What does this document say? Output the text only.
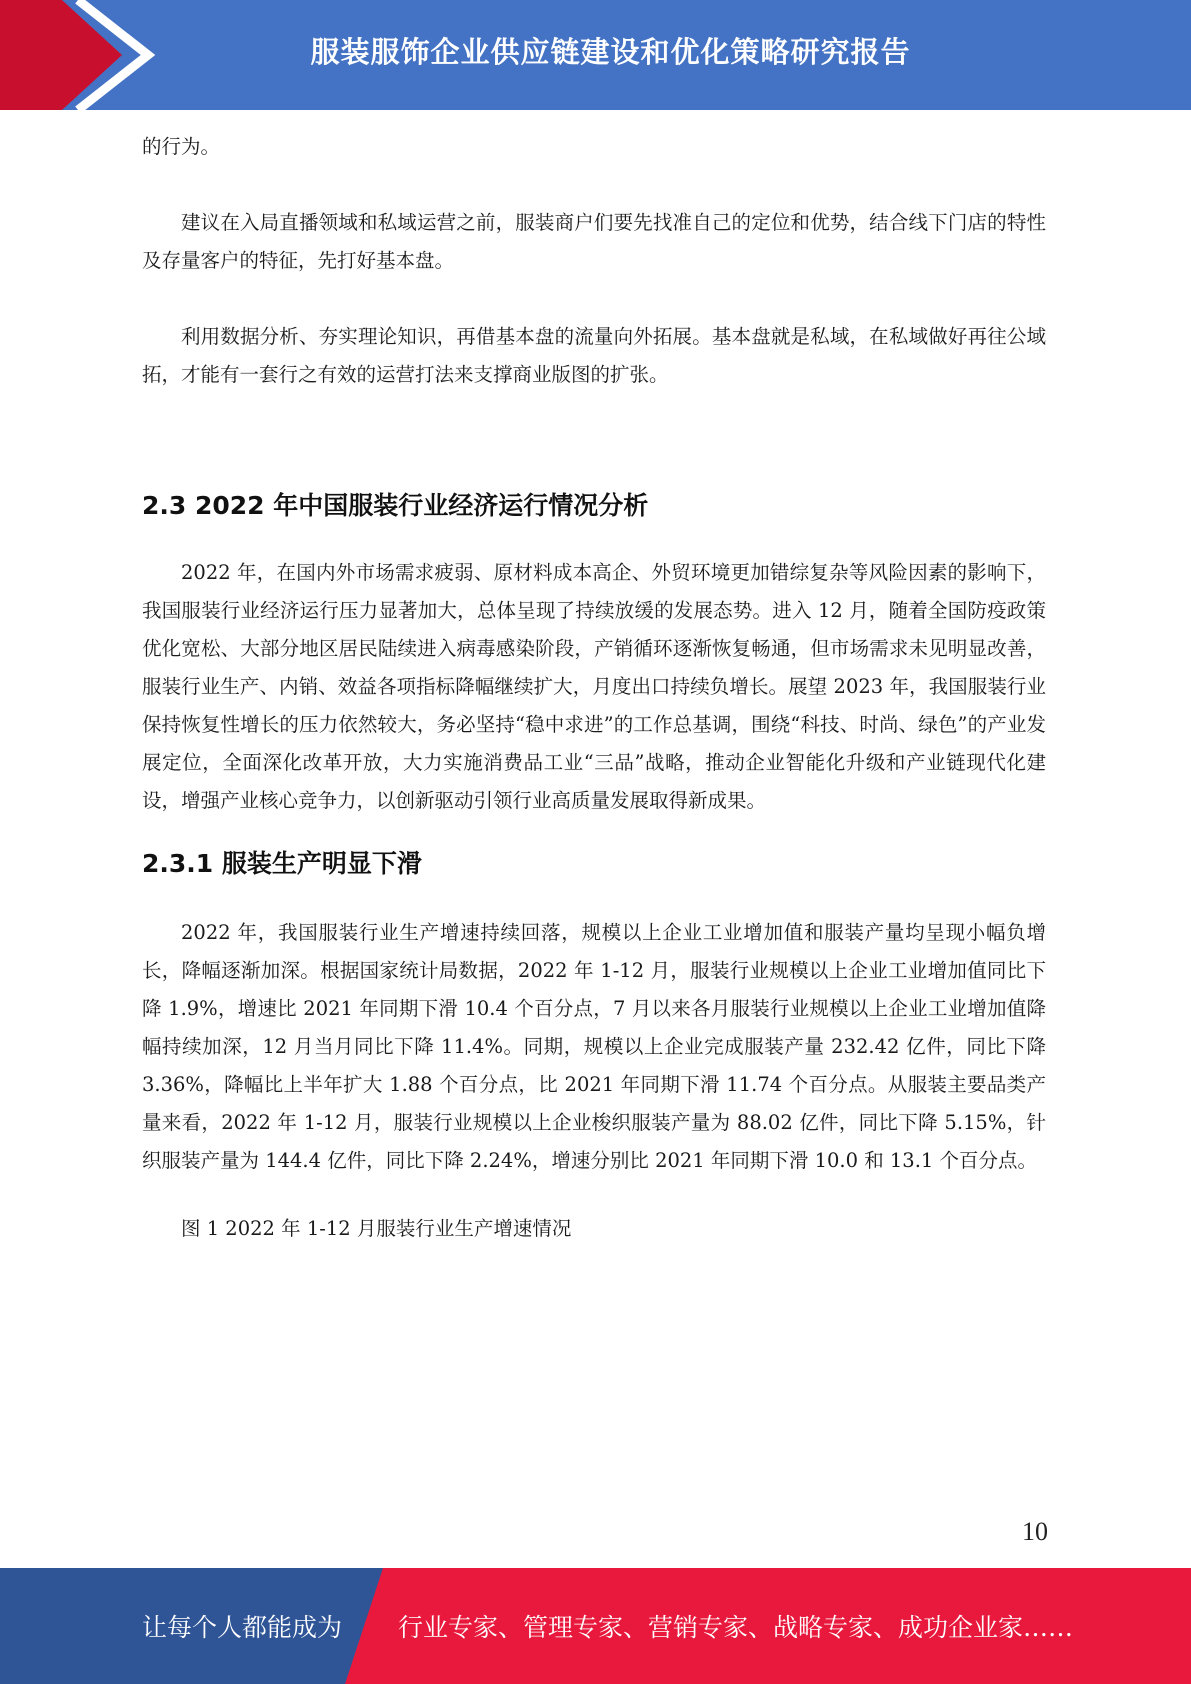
服装服饰企业供应链建设和优化策略研究报告

的行为。

建议在入局直播领域和私域运营之前，服装商户们要先找准自己的定位和优势，结合线下门店的特性及存量客户的特征，先打好基本盘。

利用数据分析、夯实理论知识，再借基本盘的流量向外拓展。基本盘就是私域，在私域做好再往公域拓，才能有一套行之有效的运营打法来支撑商业版图的扩张。

2.3 2022 年中国服装行业经济运行情况分析

2022 年，在国内外市场需求疲弱、原材料成本高企、外贸环境更加错综复杂等风险因素的影响下，我国服装行业经济运行压力显著加大，总体呈现了持续放缓的发展态势。进入 12 月，随着全国防疫政策优化宽松、大部分地区居民陆续进入病毒感染阶段，产销循环逐渐恢复畅通，但市场需求未见明显改善，服装行业生产、内销、效益各项指标降幅继续扩大，月度出口持续负增长。展望 2023 年，我国服装行业保持恢复性增长的压力依然较大，务必坚持“稳中求进”的工作总基调，围绕“科技、时尚、绿色”的产业发展定位，全面深化改革开放，大力实施消费品工业“三品”战略，推动企业智能化升级和产业链现代化建设，增强产业核心竞争力，以创新驱动引领行业高质量发展取得新成果。

2.3.1 服装生产明显下滑

2022 年，我国服装行业生产增速持续回落，规模以上企业工业增加值和服装产量均呈现小幅负增长，降幅逐渐加深。根据国家统计局数据，2022 年 1-12 月，服装行业规模以上企业工业增加值同比下降 1.9%，增速比 2021 年同期下滑 10.4 个百分点，7 月以来各月服装行业规模以上企业工业增加值降幅持续加深，12 月当月同比下降 11.4%。同期，规模以上企业完成服装产量 232.42 亿件，同比下降 3.36%，降幅比上半年扩大 1.88 个百分点，比 2021 年同期下滑 11.74 个百分点。从服装主要品类产量来看，2022 年 1-12 月，服装行业规模以上企业梭织服装产量为 88.02 亿件，同比下降 5.15%，针织服装产量为 144.4 亿件，同比下降 2.24%，增速分别比 2021 年同期下滑 10.0 和 13.1 个百分点。

图 1 2022 年 1-12 月服装行业生产增速情况

10
让每个人都能成为 行业专家、管理专家、营销专家、战略专家、成功企业家……
